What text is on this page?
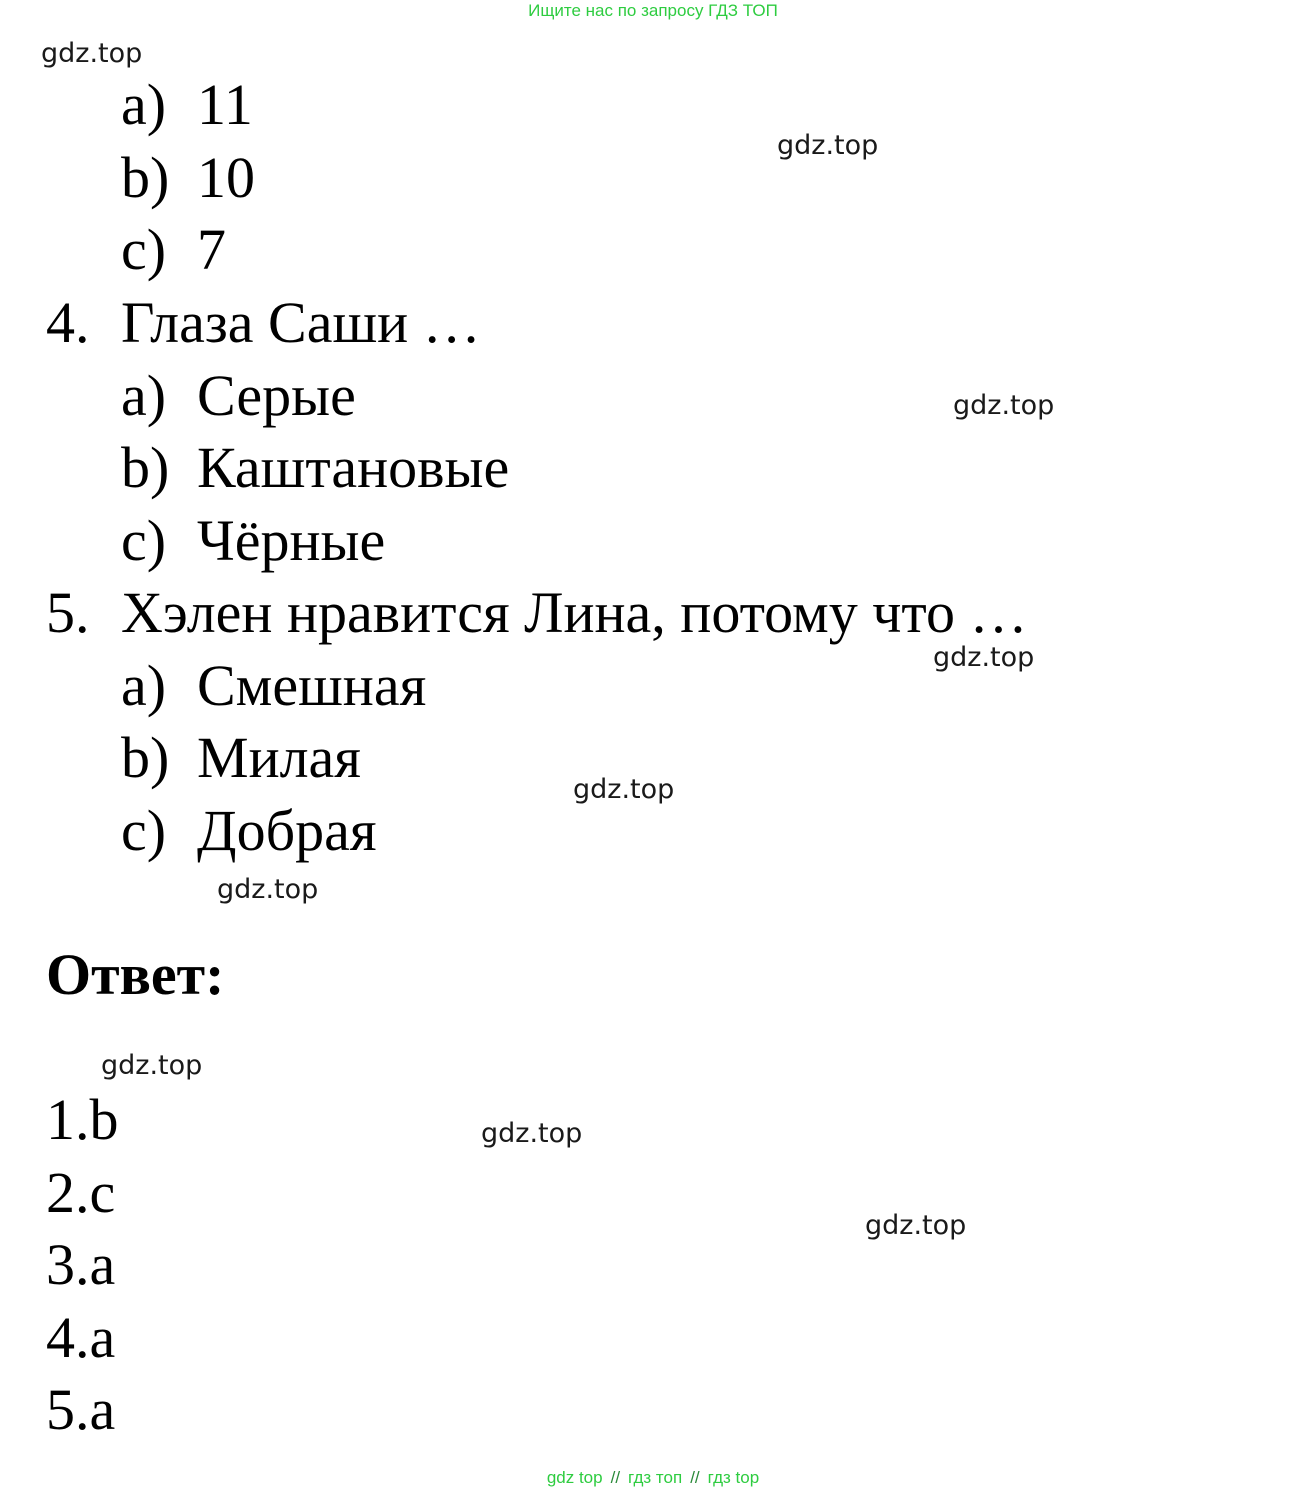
Ищите нас по запросу ГДЗ ТОП
gdz.top
gdz.top
gdz.top
gdz.top
gdz.top
gdz.top
gdz.top
gdz.top
gdz.top
a) 11
b) 10
c) 7
4. Глаза Саши …
a) Серые
b) Каштановые
c) Чёрные
5. Хэлен нравится Лина, потому что …
a) Смешная
b) Милая
c) Добрая
Ответ:
1.b
2.c
3.a
4.a
5.a
gdz top // гдз топ // гдз top
